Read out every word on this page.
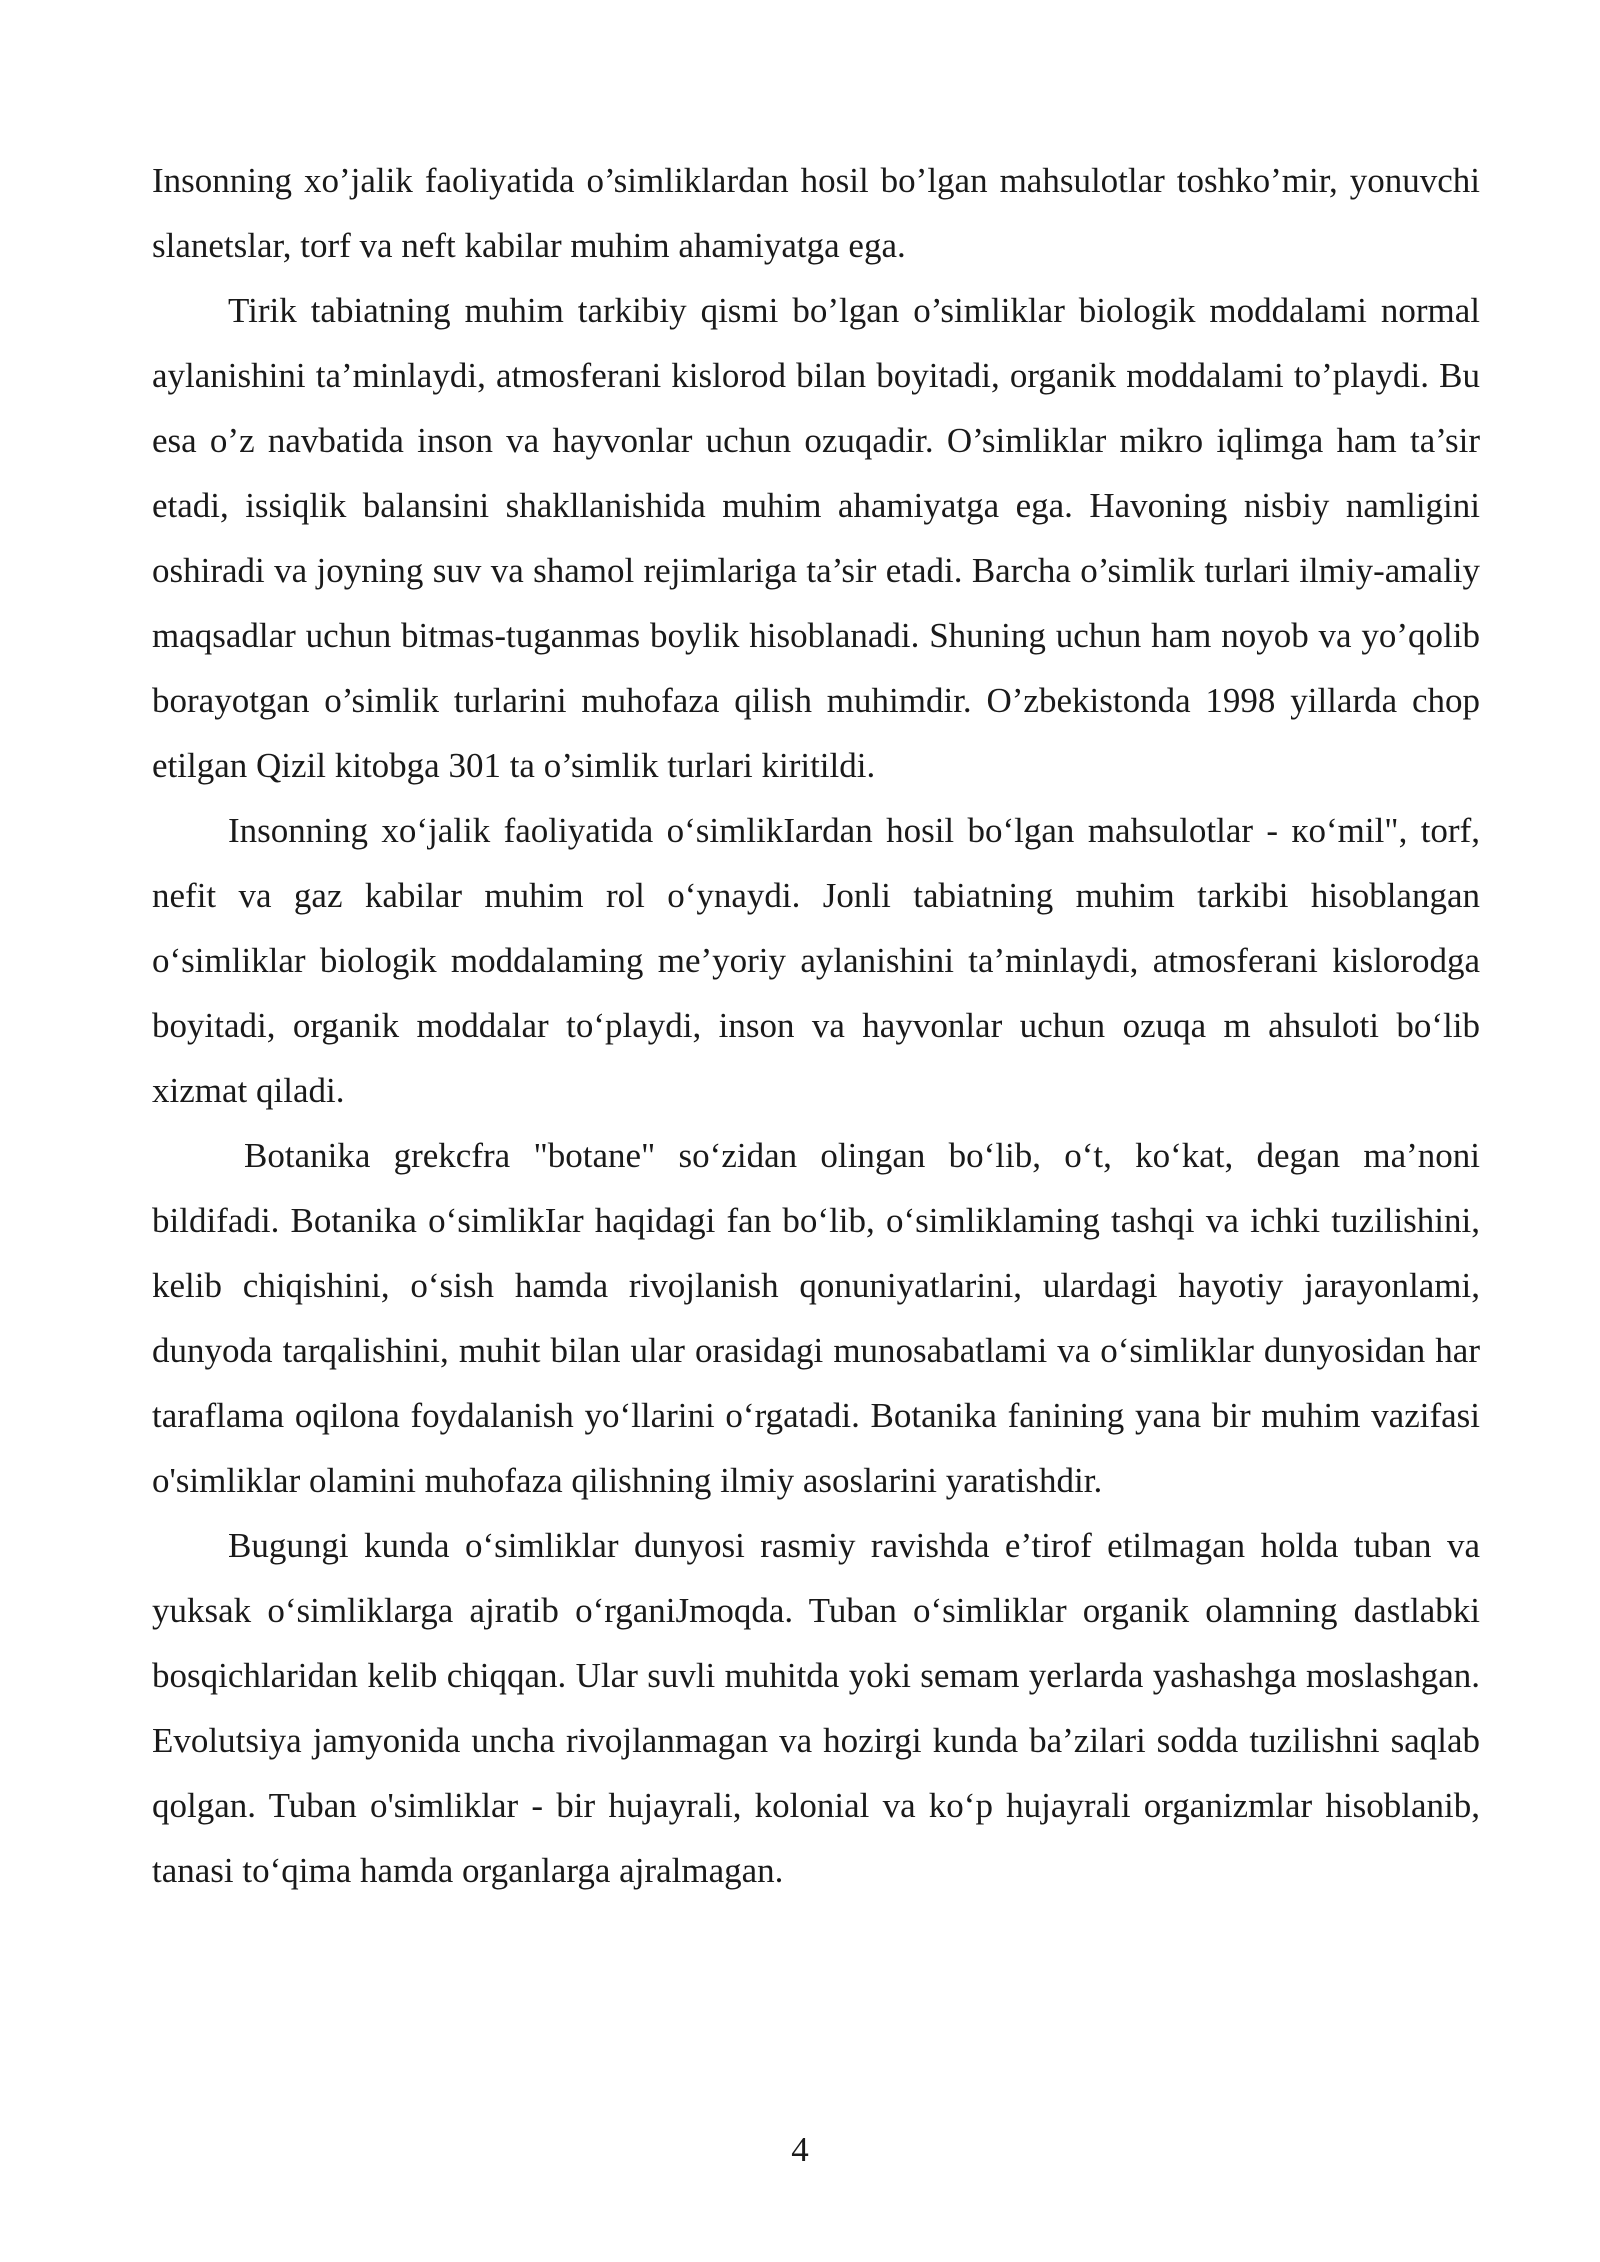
Insonning xo’jalik faoliyatida o’simliklardan hosil bo’lgan mahsulotlar toshko’mir, yonuvchi slanetslar, torf va neft kabilar muhim ahamiyatga ega.

Tirik tabiatning muhim tarkibiy qismi bo’lgan o’simliklar biologik moddalami normal aylanishini ta’minlaydi, atmosferani kislorod bilan boyitadi, organik moddalami to’playdi. Bu esa o’z navbatida inson va hayvonlar uchun ozuqadir. O’simliklar mikro iqlimga ham ta’sir etadi, issiqlik balansini shakllanishida muhim ahamiyatga ega. Havoning nisbiy namligini oshiradi va joyning suv va shamol rejimlariga ta’sir etadi. Barcha o’simlik turlari ilmiy-amaliy maqsadlar uchun bitmas-tuganmas boylik hisoblanadi. Shuning uchun ham noyob va yo’qolib borayotgan o’simlik turlarini muhofaza qilish muhimdir. O’zbekistonda 1998 yillarda chop etilgan Qizil kitobga 301 ta o’simlik turlari kiritildi.

Insonning xo‘jalik faoliyatida o‘simlikIardan hosil bo‘lgan mahsulotlar - кo‘mil", torf, nefit va gaz kabilar muhim rol o‘ynaydi. Jonli tabiatning muhim tarkibi hisoblangan o‘simliklar biologik moddalaming me’yoriy aylanishini ta’minlaydi, atmosferani kislorodga boyitadi, organik moddalar to‘playdi, inson va hayvonlar uchun ozuqa m ahsuloti bo‘lib xizmat qiladi.

Botanika grekcfra "botane" so‘zidan olingan bo‘lib, o‘t, ko‘kat, degan ma’noni bildifadi. Botanika o‘simlikIar haqidagi fan bo‘lib, o‘simliklaming tashqi va ichki tuzilishini, kelib chiqishini, o‘sish hamda rivojlanish qonuniyatlarini, ulardagi hayotiy jarayonlami, dunyoda tarqalishini, muhit bilan ular orasidagi munosabatlami va o‘simliklar dunyosidan har taraflama oqilona foydalanish yo‘llarini o‘rgatadi. Botanika fanining yana bir muhim vazifasi o'simliklar olamini muhofaza qilishning ilmiy asoslarini yaratishdir.

Bugungi kunda o‘simliklar dunyosi rasmiy ravishda e’tirof etilmagan holda tuban va yuksak o‘simliklarga ajratib o‘rganiJmoqda. Tuban o‘simliklar organik olamning dastlabki bosqichlaridan kelib chiqqan. Ular suvli muhitda yoki semam yerlarda yashashga moslashgan. Evolutsiya jamyonida uncha rivojlanmagan va hozirgi kunda ba’zilari sodda tuzilishni saqlab qolgan. Tuban o'simliklar - bir hujayrali, kolonial va ko‘p hujayrali organizmlar hisoblanib, tanasi to‘qima hamda organlarga ajralmagan.

4
